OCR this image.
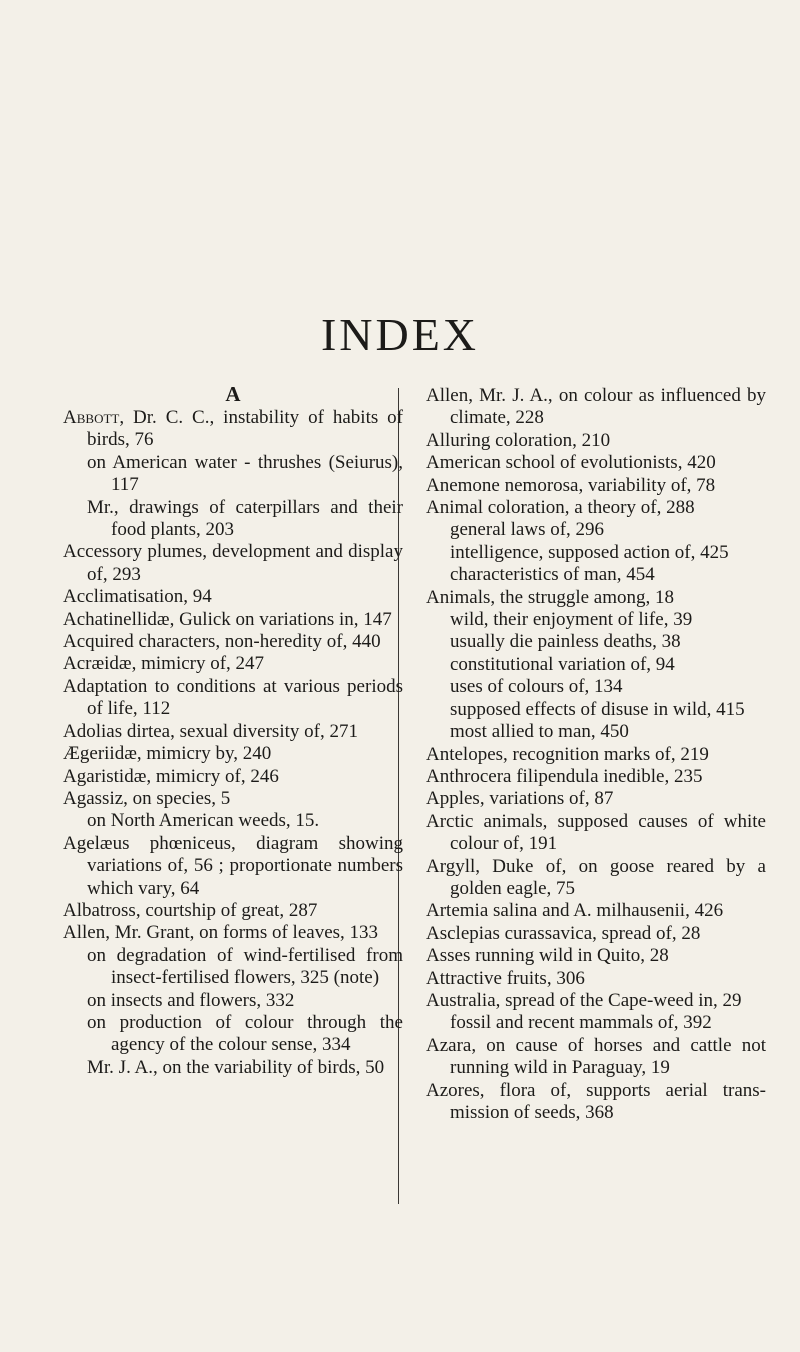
INDEX
A
Abbott, Dr. C. C., instability of habits of birds, 76
on American water - thrushes (Seiurus), 117
Mr., drawings of caterpillars and their food plants, 203
Accessory plumes, development and display of, 293
Acclimatisation, 94
Achatinellidæ, Gulick on variations in, 147
Acquired characters, non-heredity of, 440
Acræidæ, mimicry of, 247
Adaptation to conditions at various periods of life, 112
Adolias dirtea, sexual diversity of, 271
Ægeriidæ, mimicry by, 240
Agaristidæ, mimicry of, 246
Agassiz, on species, 5
on North American weeds, 15.
Agelæus phœniceus, diagram showing variations of, 56 ; proportionate numbers which vary, 64
Albatross, courtship of great, 287
Allen, Mr. Grant, on forms of leaves, 133
on degradation of wind-fertilised from insect-fertilised flowers, 325 (note)
on insects and flowers, 332
on production of colour through the agency of the colour sense, 334
Mr. J. A., on the variability of birds, 50
Allen, Mr. J. A., on colour as influenced by climate, 228
Alluring coloration, 210
American school of evolutionists, 420
Anemone nemorosa, variability of, 78
Animal coloration, a theory of, 288
general laws of, 296
intelligence, supposed action of, 425
characteristics of man, 454
Animals, the struggle among, 18
wild, their enjoyment of life, 39
usually die painless deaths, 38
constitutional variation of, 94
uses of colours of, 134
supposed effects of disuse in wild, 415
most allied to man, 450
Antelopes, recognition marks of, 219
Anthrocera filipendula inedible, 235
Apples, variations of, 87
Arctic animals, supposed causes of white colour of, 191
Argyll, Duke of, on goose reared by a golden eagle, 75
Artemia salina and A. milhausenii, 426
Asclepias curassavica, spread of, 28
Asses running wild in Quito, 28
Attractive fruits, 306
Australia, spread of the Cape-weed in, 29
fossil and recent mammals of, 392
Azara, on cause of horses and cattle not running wild in Paraguay, 19
Azores, flora of, supports aerial transmission of seeds, 368
